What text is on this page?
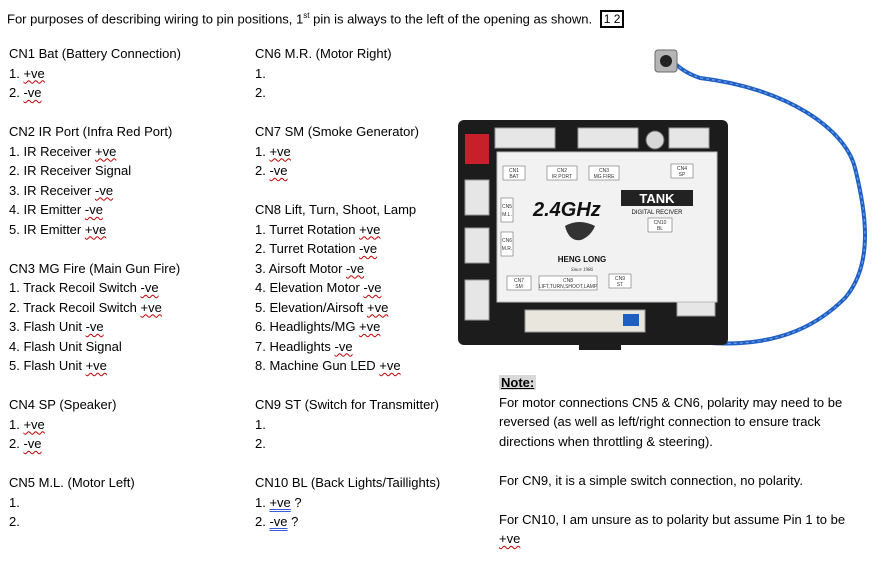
For purposes of describing wiring to pin positions, 1st pin is always to the left of the opening as shown. 1 2
CN1 Bat (Battery Connection)
1. +ve
2. -ve
CN2 IR Port (Infra Red Port)
1. IR Receiver +ve
2. IR Receiver Signal
3. IR Receiver -ve
4. IR Emitter -ve
5. IR Emitter +ve
CN3 MG Fire (Main Gun Fire)
1. Track Recoil Switch -ve
2. Track Recoil Switch +ve
3. Flash Unit -ve
4. Flash Unit Signal
5. Flash Unit +ve
CN4 SP (Speaker)
1. +ve
2. -ve
CN5 M.L. (Motor Left)
1.
2.
CN6 M.R. (Motor Right)
1.
2.
CN7 SM (Smoke Generator)
1. +ve
2. -ve
CN8 Lift, Turn, Shoot, Lamp
1. Turret Rotation +ve
2. Turret Rotation -ve
3. Airsoft Motor -ve
4. Elevation Motor -ve
5. Elevation/Airsoft +ve
6. Headlights/MG +ve
7. Headlights -ve
8. Machine Gun LED +ve
CN9 ST (Switch for Transmitter)
1.
2.
CN10 BL (Back Lights/Taillights)
1. +ve ?
2. -ve ?

Note:

For motor connections CN5 & CN6, polarity may need to be

reversed (as well as left/right connection to ensure track

directions when throttling & steering).

For CN9, it is a simple switch connection, no polarity.

For CN10, I am unsure as to polarity but assume Pin 1 to be

+ve

CN1
BAT
CN2
IR PORT
CN3
MG FIRE
CN4
SP
CN10
BL
CN7
SM
CN8
LIFT,TURN,SHOOT,LAMP
CN9
ST
CN5
M.L.
CN6
M.R.
2.4GHz
TANK
DIGITAL RECIVER
HENG LONG
Since 1986
